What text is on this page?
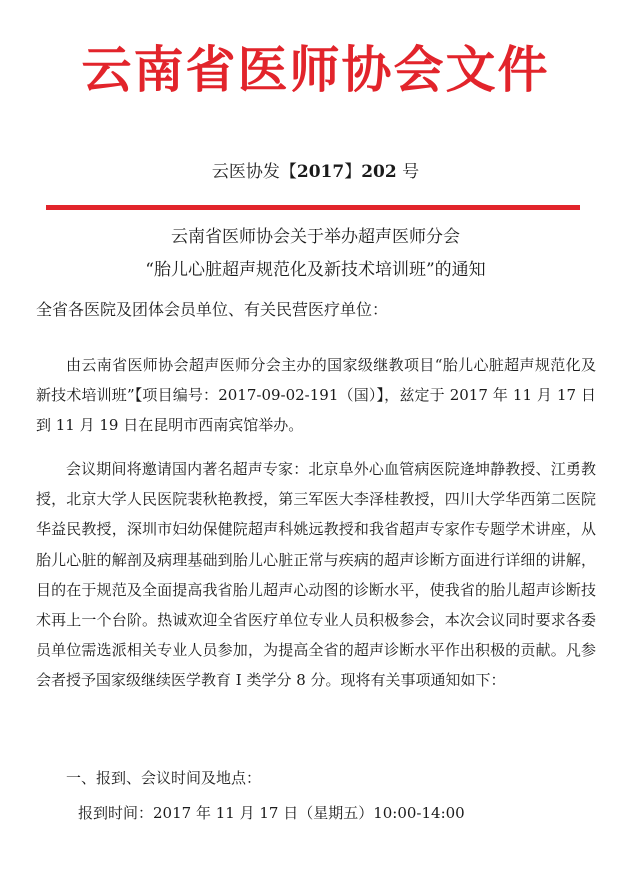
云南省医师协会文件
云医协发【2017】202 号
云南省医师协会关于举办超声医师分会
“胎儿心脏超声规范化及新技术培训班”的通知
全省各医院及团体会员单位、有关民营医疗单位：

由云南省医师协会超声医师分会主办的国家级继教项目“胎儿心脏超声规范化及新技术培训班”【项目编号：2017-09-02-191（国）】，兹定于 2017 年 11 月 17 日到 11 月 19 日在昆明市西南宾馆举办。

会议期间将邀请国内著名超声专家：北京阜外心血管病医院逄坤静教授、江勇教授，北京大学人民医院裴秋艳教授，第三军医大李泽桂教授，四川大学华西第二医院华益民教授，深圳市妇幼保健院超声科姚远教授和我省超声专家作专题学术讲座，从胎儿心脏的解剖及病理基础到胎儿心脏正常与疾病的超声诊断方面进行详细的讲解，目的在于规范及全面提高我省胎儿超声心动图的诊断水平，使我省的胎儿超声诊断技术再上一个台阶。热诚欢迎全省医疗单位专业人员积极参会，本次会议同时要求各委员单位需选派相关专业人员参加，为提高全省的超声诊断水平作出积极的贡献。凡参会者授予国家级继续医学教育 I 类学分 8 分。现将有关事项通知如下：

一、报到、会议时间及地点：
报到时间：2017 年 11 月 17 日（星期五）10:00-14:00
